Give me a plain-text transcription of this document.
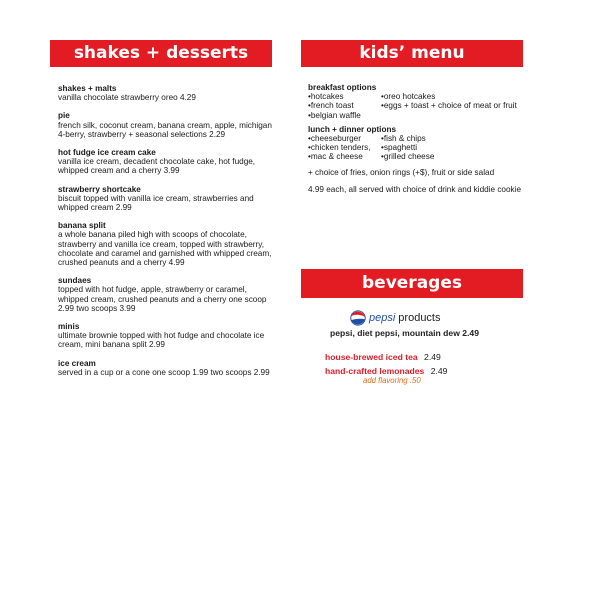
shakes + desserts
shakes + malts
vanilla chocolate strawberry oreo 4.29
pie
french silk, coconut cream, banana cream, apple, michigan 4-berry, strawberry + seasonal selections 2.29
hot fudge ice cream cake
vanilla ice cream, decadent chocolate cake, hot fudge, whipped cream and a cherry 3.99
strawberry shortcake
biscuit topped with vanilla ice cream, strawberries and whipped cream 2.99
banana split
a whole banana piled high with scoops of chocolate, strawberry and vanilla ice cream, topped with strawberry, chocolate and caramel and garnished with whipped cream, crushed peanuts and a cherry 4.99
sundaes
topped with hot fudge, apple, strawberry or caramel, whipped cream, crushed peanuts and a cherry one scoop 2.99 two scoops 3.99
minis
ultimate brownie topped with hot fudge and chocolate ice cream, mini banana split 2.99
ice cream
served in a cup or a cone one scoop 1.99 two scoops 2.99
kids’ menu
breakfast options
•hotcakes
•french toast
•belgian waffle
•oreo hotcakes
•eggs + toast + choice of meat or fruit
lunch + dinner options
•cheeseburger
•chicken tenders,
•mac & cheese
•fish & chips
•spaghetti
•grilled cheese
+ choice of fries, onion rings (+$), fruit or side salad
4.99 each, all served with choice of drink and kiddie cookie
beverages
pepsi products
pepsi, diet pepsi, mountain dew 2.49
house-brewed iced tea 2.49
hand-crafted lemonades 2.49
add flavoring .50
